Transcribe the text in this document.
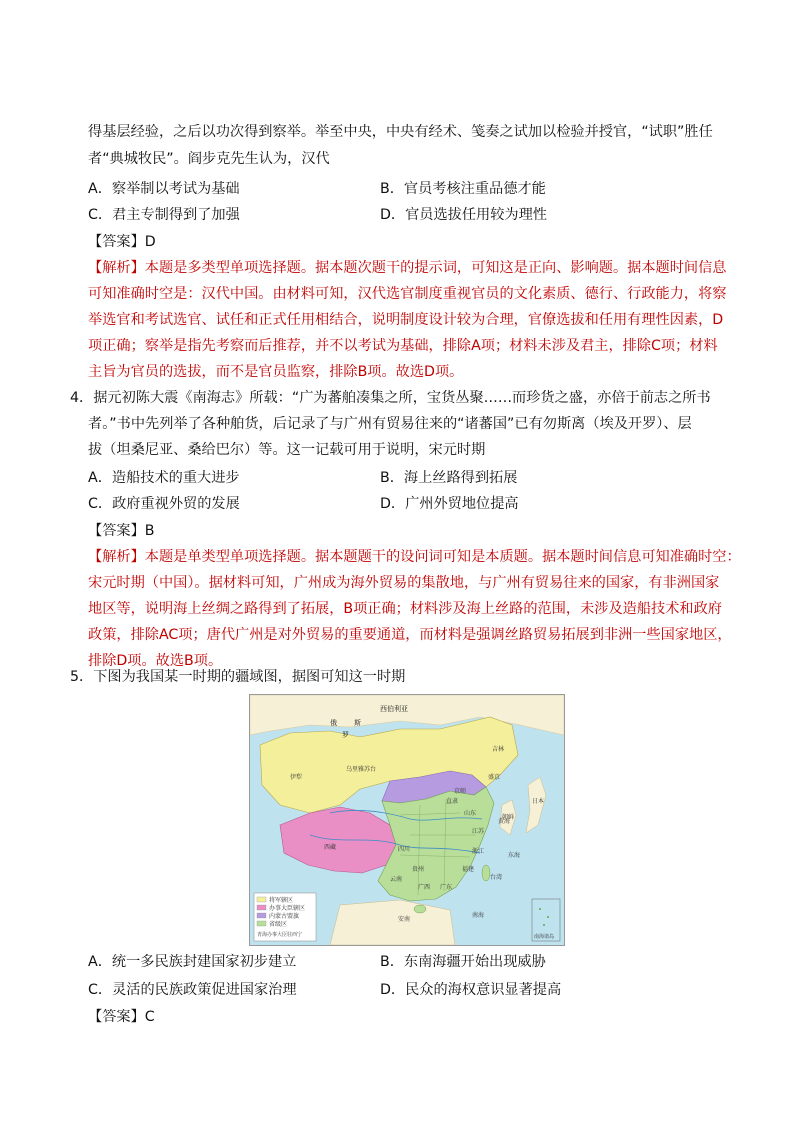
得基层经验，之后以功次得到察举。举至中央，中央有经术、笺奏之试加以检验并授官，“试职”胜任
者“典城牧民”。阎步克先生认为，汉代
A．察举制以考试为基础	B．官员考核注重品德才能
C．君主专制得到了加强	D．官员选拔任用较为理性
【答案】D
【解析】本题是多类型单项选择题。据本题次题干的提示词，可知这是正向、影响题。据本题时间信息
可知准确时空是：汉代中国。由材料可知，汉代选官制度重视官员的文化素质、德行、行政能力，将察
举选官和考试选官、试任和正式任用相结合，说明制度设计较为合理，官僚选拔和任用有理性因素，D
项正确；察举是指先考察而后推荐，并不以考试为基础，排除A项；材料未涉及君主，排除C项；材料
主旨为官员的选拔，而不是官员监察，排除B项。故选D项。
4．据元初陈大震《南海志》所载：“广为蕃舶凑集之所，宝货丛聚……而珍货之盛，亦倍于前志之所书
者。”书中先列举了各种舶货，后记录了与广州有贸易往来的“诸蕃国”已有勿斯离（埃及开罗）、层
拔（坦桑尼亚、桑给巴尔）等。这一记载可用于说明，宋元时期
A．造船技术的重大进步	B．海上丝路得到拓展
C．政府重视外贸的发展	D．广州外贸地位提高
【答案】B
【解析】本题是单类型单项选择题。据本题题干的设问词可知是本质题。据本题时间信息可知准确时空：
宋元时期（中国）。据材料可知，广州成为海外贸易的集散地，与广州有贸易往来的国家，有非洲国家
地区等，说明海上丝绸之路得到了拓展，B项正确；材料涉及海上丝路的范围，未涉及造船技术和政府
政策，排除AC项；唐代广州是对外贸易的重要通道，而材料是强调丝路贸易拓展到非洲一些国家地区，
排除D项。故选B项。
5．下图为我国某一时期的疆域图，据图可知这一时期
西伯利亚
俄
罗
斯
乌里雅苏台
伊犁
西藏	四川
云南
贵州
广西 广东
福建
浙江
江苏
山东
直隶
京师
盛京
吉林
朝鲜
日本
台湾
南海
东海
黄海
安南
将军辖区
办事大臣辖区
内蒙古盟旗
省级区
青海办事大臣驻西宁	南海诸岛
A．统一多民族封建国家初步建立	B．东南海疆开始出现威胁
C．灵活的民族政策促进国家治理	D．民众的海权意识显著提高
【答案】C
